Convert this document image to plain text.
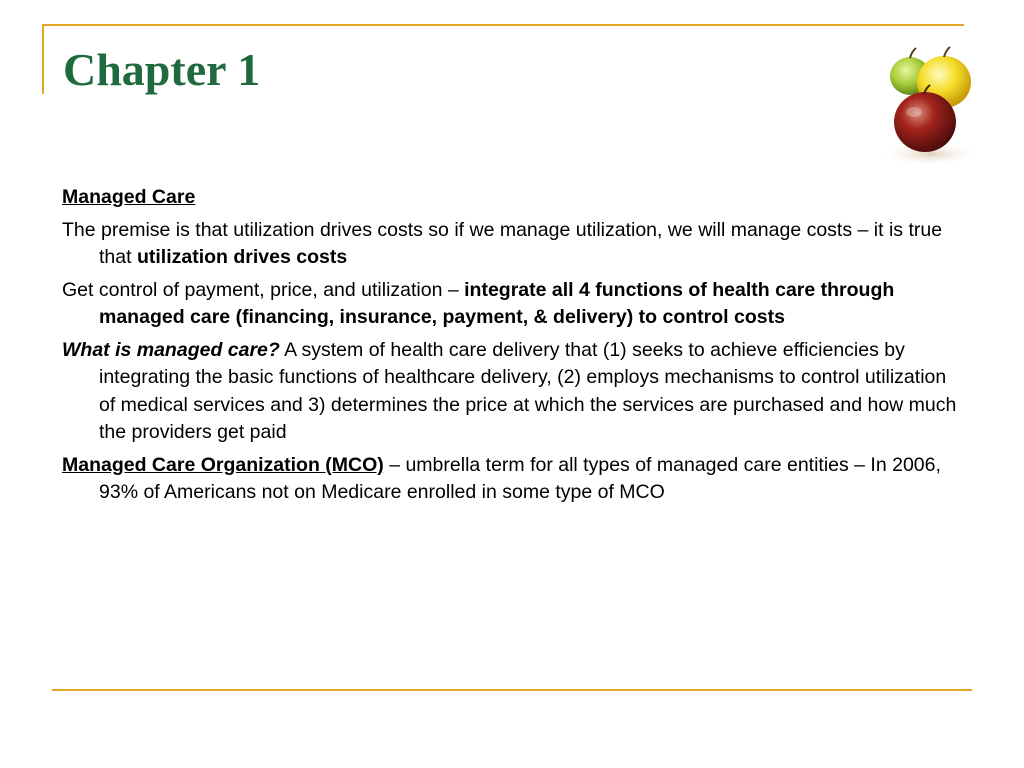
Chapter 1

Managed Care

The premise is that utilization drives costs so if we manage utilization, we will manage costs – it is true that utilization drives costs

Get control of payment, price, and utilization – integrate all 4 functions of health care through managed care (financing, insurance, payment, & delivery) to control costs

What is managed care? A system of health care delivery that (1) seeks to achieve efficiencies by integrating the basic functions of healthcare delivery, (2) employs mechanisms to control utilization of medical services and 3) determines the price at which the services are purchased and how much the providers get paid

Managed Care Organization (MCO) – umbrella term for all types of managed care entities – In 2006, 93% of Americans not on Medicare enrolled in some type of MCO
